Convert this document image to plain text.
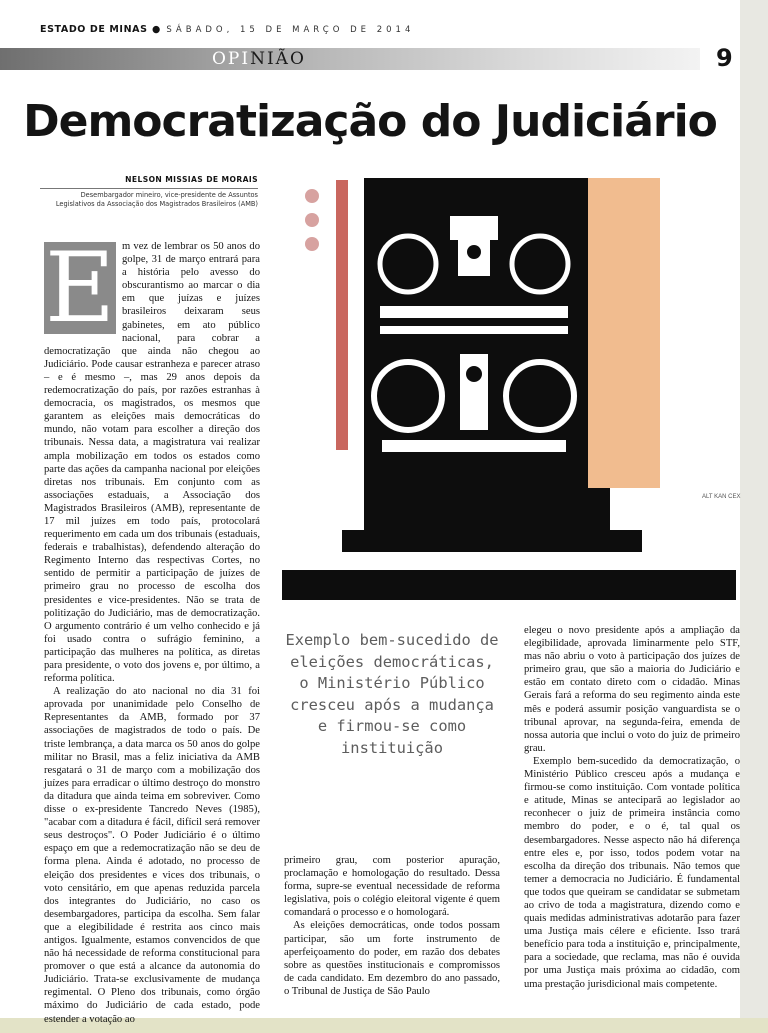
ESTADO DE MINAS ● SÁBADO, 15 DE MARÇO DE 2014
OPINIÃO	9
Democratização do Judiciário
NELSON MISSIAS DE MORAIS
Desembargador mineiro, vice-presidente de Assuntos Legislativos da Associação dos Magistrados Brasileiros (AMB)
E m vez de lembrar os 50 anos do golpe, 31 de março entrará para a história pelo avesso do obscurantismo ao marcar o dia em que juízas e juízes brasileiros deixaram seus gabinetes, em ato público nacional, para cobrar a democratização que ainda não chegou ao Judiciário. Pode causar estranheza e parecer atraso – e é mesmo –, mas 29 anos depois da redemocratização do país, por razões estranhas à democracia, os magistrados, os mesmos que garantem as eleições mais democráticas do mundo, não votam para escolher a direção dos tribunais. Nessa data, a magistratura vai realizar ampla mobilização em todos os estados como parte das ações da campanha nacional por eleições diretas nos tribunais. Em conjunto com as associações estaduais, a Associação dos Magistrados Brasileiros (AMB), representante de 17 mil juízes em todo país, protocolará requerimento em cada um dos tribunais (estaduais, federais e trabalhistas), defendendo alteração do Regimento Interno das respectivas Cortes, no sentido de permitir a participação de juízes de primeiro grau no processo de escolha dos presidentes e vice-presidentes. Não se trata de politização do Judiciário, mas de democratização. O argumento contrário é um velho conhecido e já foi usado contra o sufrágio feminino, a participação das mulheres na política, as diretas para presidente, o voto dos jovens e, por último, a reforma política.

A realização do ato nacional no dia 31 foi aprovada por unanimidade pelo Conselho de Representantes da AMB, formado por 37 associações de magistrados de todo o país. De triste lembrança, a data marca os 50 anos do golpe militar no Brasil, mas a feliz iniciativa da AMB resgatará o 31 de março com a mobilização dos juízes para erradicar o último destroço do monstro da ditadura que ainda teima em sobreviver. Como disse o ex-presidente Tancredo Neves (1985), "acabar com a ditadura é fácil, difícil será remover seus destroços". O Poder Judiciário é o último espaço em que a redemocratização não se deu de forma plena. Ainda é adotado, no processo de eleição dos presidentes e vices dos tribunais, o voto censitário, em que apenas reduzida parcela dos integrantes do Judiciário, no caso os desembargadores, participa da escolha. Sem falar que a elegibilidade é restrita aos cinco mais antigos. Igualmente, estamos convencidos de que não há necessidade de reforma constitucional para promover o que está a alcance da autonomia do Judiciário. Trata-se exclusivamente de mudança regimental. O Pleno dos tribunais, como órgão máximo do Judiciário de cada estado, pode estender a votação ao

ALT KAN CEX
Exemplo bem-sucedido de eleições democráticas, o Ministério Público cresceu após a mudança e firmou-se como instituição

primeiro grau, com posterior apuração, proclamação e homologação do resultado. Dessa forma, supre-se eventual necessidade de reforma legislativa, pois o colégio eleitoral vigente é quem comandará o processo e o homologará.

As eleições democráticas, onde todos possam participar, são um forte instrumento de aperfeiçoamento do poder, em razão dos debates sobre as questões institucionais e compromissos de cada candidato. Em dezembro do ano passado, o Tribunal de Justiça de São Paulo

elegeu o novo presidente após a ampliação da elegibilidade, aprovada liminarmente pelo STF, mas não abriu o voto à participação dos juízes de primeiro grau, que são a maioria do Judiciário e estão em contato direto com o cidadão. Minas Gerais fará a reforma do seu regimento ainda este mês e poderá assumir posição vanguardista se o tribunal aprovar, na segunda-feira, emenda de nossa autoria que inclui o voto do juiz de primeiro grau.

Exemplo bem-sucedido da democratização, o Ministério Público cresceu após a mudança e firmou-se como instituição. Com vontade política e atitude, Minas se anteciparã ao legislador ao reconhecer o juiz de primeira instância como membro do poder, e o é, tal qual os desembargadores. Nesse aspecto não há diferença entre eles e, por isso, todos podem votar na escolha da direção dos tribunais. Não temos que temer a democracia no Judiciário. É fundamental que todos que queiram se candidatar se submetam ao crivo de toda a magistratura, dizendo como e quais medidas administrativas adotarão para fazer uma Justiça mais célere e eficiente. Isso trará benefício para toda a instituição e, principalmente, para a sociedade, que reclama, mas não é ouvida por uma Justiça mais próxima ao cidadão, com uma prestação jurisdicional mais competente.
